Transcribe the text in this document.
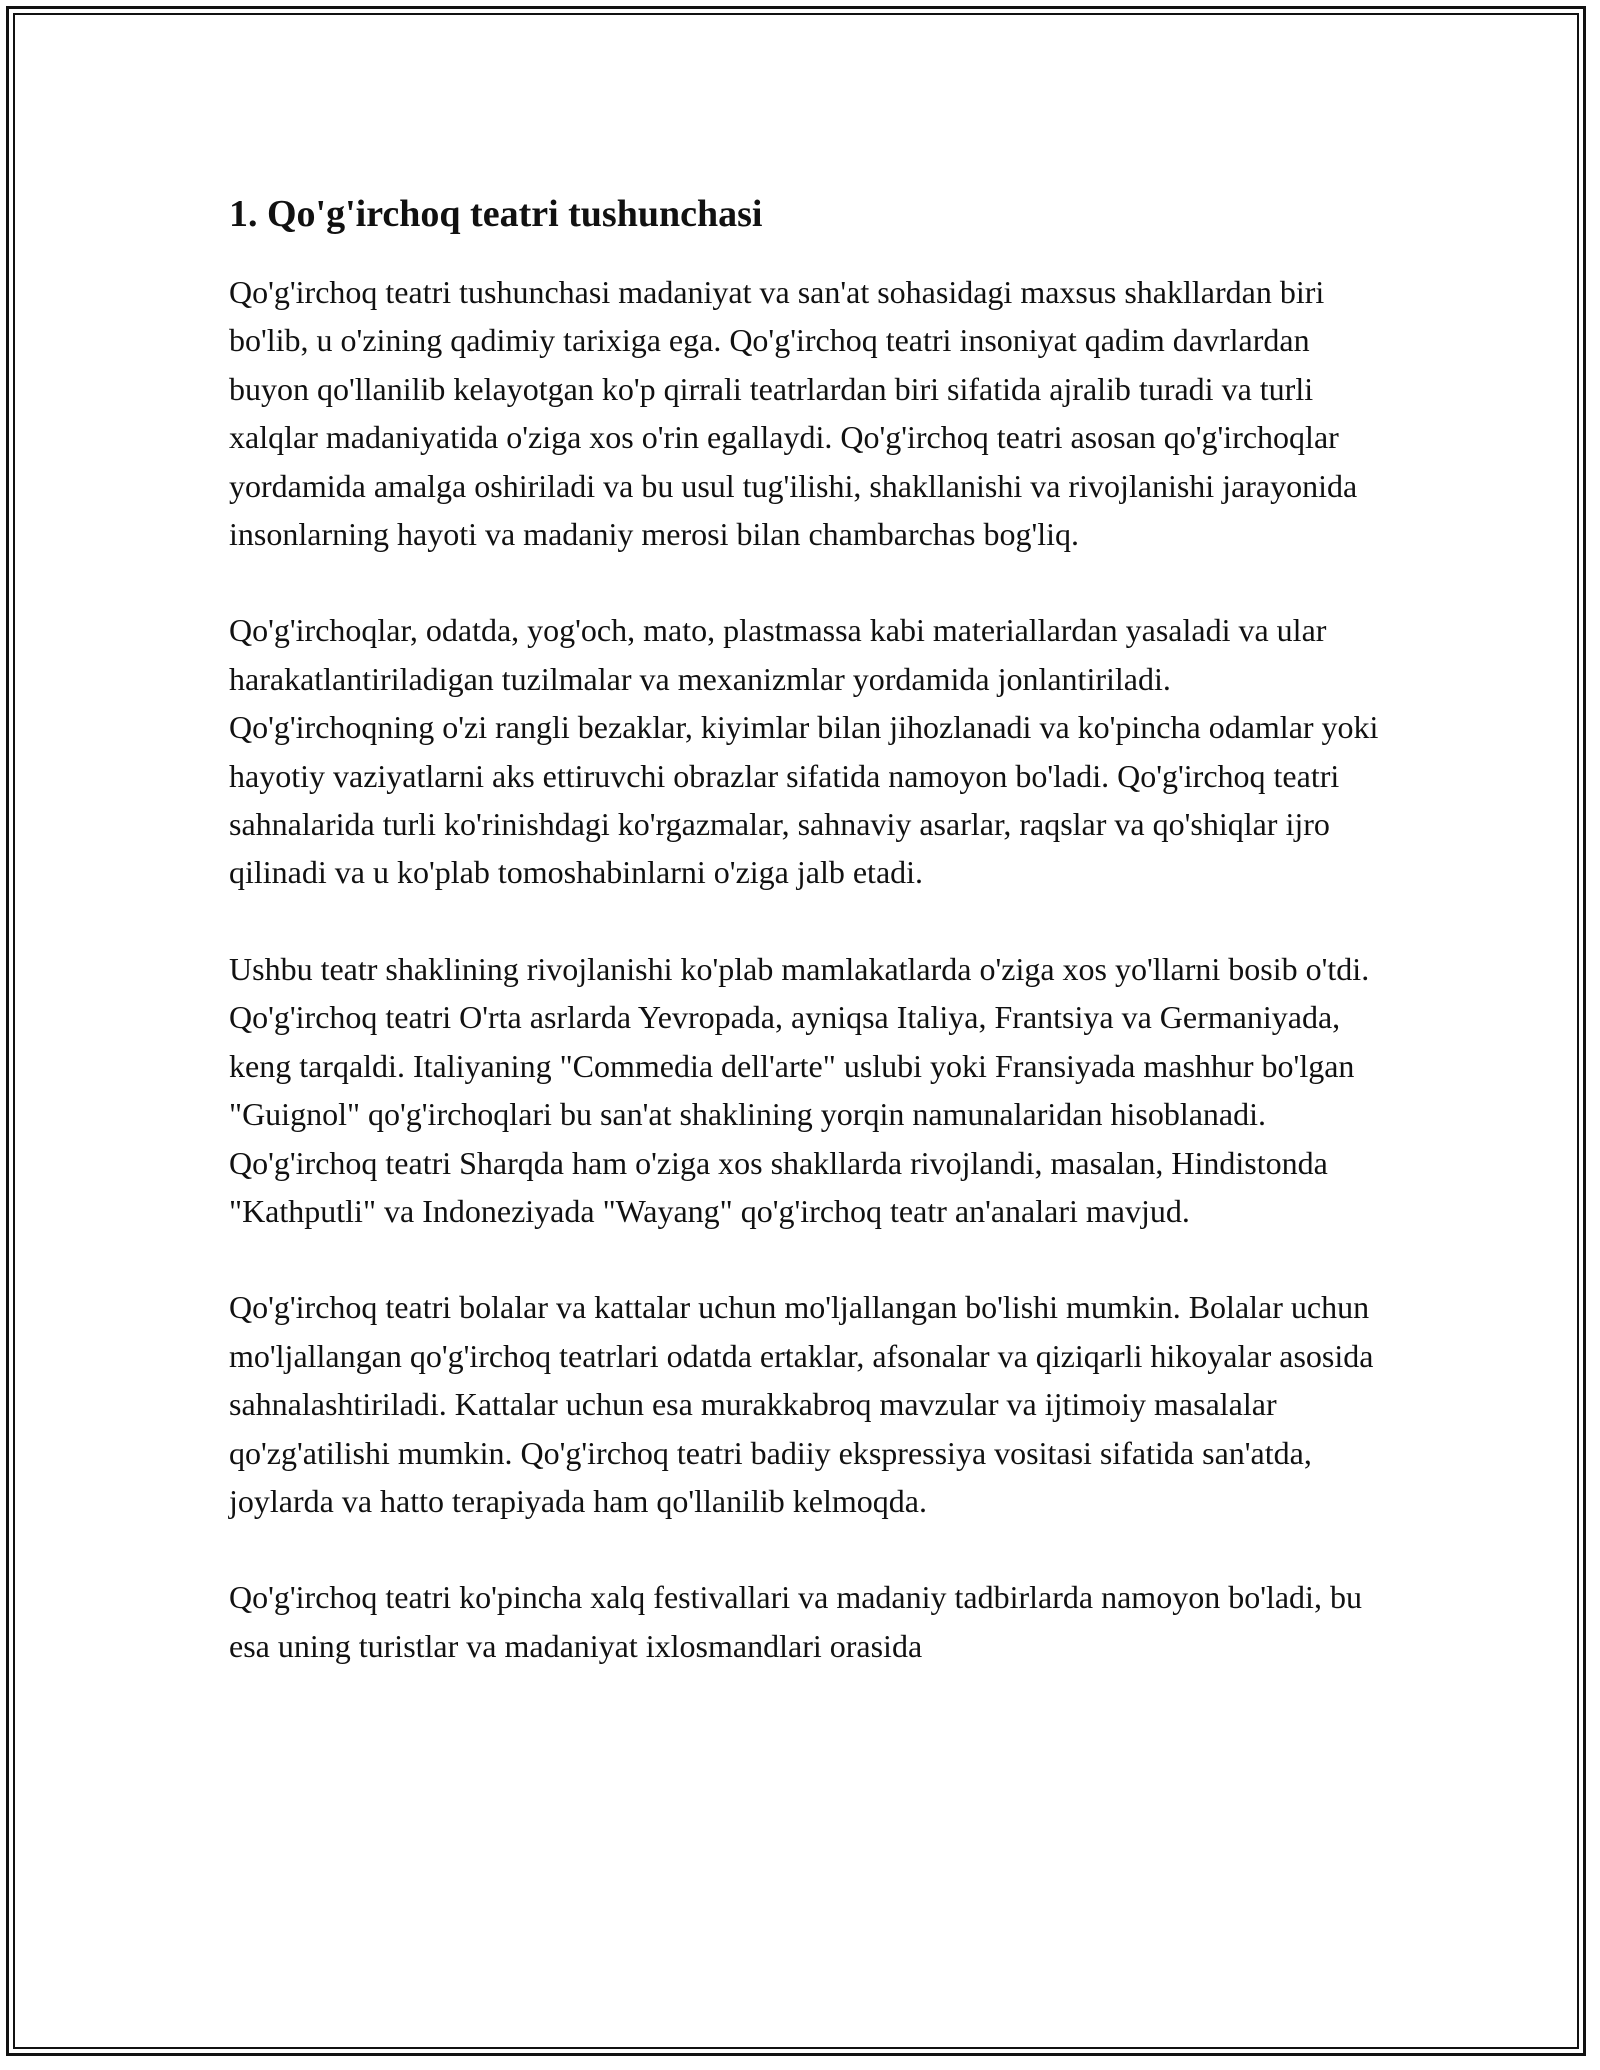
1. Qo'g'irchoq teatri tushunchasi

Qo'g'irchoq teatri tushunchasi madaniyat va san'at sohasidagi maxsus shakllardan biri bo'lib, u o'zining qadimiy tarixiga ega. Qo'g'irchoq teatri insoniyat qadim davrlardan buyon qo'llanilib kelayotgan ko'p qirrali teatrlardan biri sifatida ajralib turadi va turli xalqlar madaniyatida o'ziga xos o'rin egallaydi. Qo'g'irchoq teatri asosan qo'g'irchoqlar yordamida amalga oshiriladi va bu usul tug'ilishi, shakllanishi va rivojlanishi jarayonida insonlarning hayoti va madaniy merosi bilan chambarchas bog'liq.

Qo'g'irchoqlar, odatda, yog'och, mato, plastmassa kabi materiallardan yasaladi va ular harakatlantiriladigan tuzilmalar va mexanizmlar yordamida jonlantiriladi. Qo'g'irchoqning o'zi rangli bezaklar, kiyimlar bilan jihozlanadi va ko'pincha odamlar yoki hayotiy vaziyatlarni aks ettiruvchi obrazlar sifatida namoyon bo'ladi. Qo'g'irchoq teatri sahnalarida turli ko'rinishdagi ko'rgazmalar, sahnaviy asarlar, raqslar va qo'shiqlar ijro qilinadi va u ko'plab tomoshabinlarni o'ziga jalb etadi.

Ushbu teatr shaklining rivojlanishi ko'plab mamlakatlarda o'ziga xos yo'llarni bosib o'tdi. Qo'g'irchoq teatri O'rta asrlarda Yevropada, ayniqsa Italiya, Frantsiya va Germaniyada, keng tarqaldi. Italiyaning "Commedia dell'arte" uslubi yoki Fransiyada mashhur bo'lgan "Guignol" qo'g'irchoqlari bu san'at shaklining yorqin namunalaridan hisoblanadi. Qo'g'irchoq teatri Sharqda ham o'ziga xos shakllarda rivojlandi, masalan, Hindistonda "Kathputli" va Indoneziyada "Wayang" qo'g'irchoq teatr an'analari mavjud.

Qo'g'irchoq teatri bolalar va kattalar uchun mo'ljallangan bo'lishi mumkin. Bolalar uchun mo'ljallangan qo'g'irchoq teatrlari odatda ertaklar, afsonalar va qiziqarli hikoyalar asosida sahnalashtiriladi. Kattalar uchun esa murakkabroq mavzular va ijtimoiy masalalar qo'zg'atilishi mumkin. Qo'g'irchoq teatri badiiy ekspressiya vositasi sifatida san'atda, joylarda va hatto terapiyada ham qo'llanilib kelmoqda.

Qo'g'irchoq teatri ko'pincha xalq festivallari va madaniy tadbirlarda namoyon bo'ladi, bu esa uning turistlar va madaniyat ixlosmandlari orasida
